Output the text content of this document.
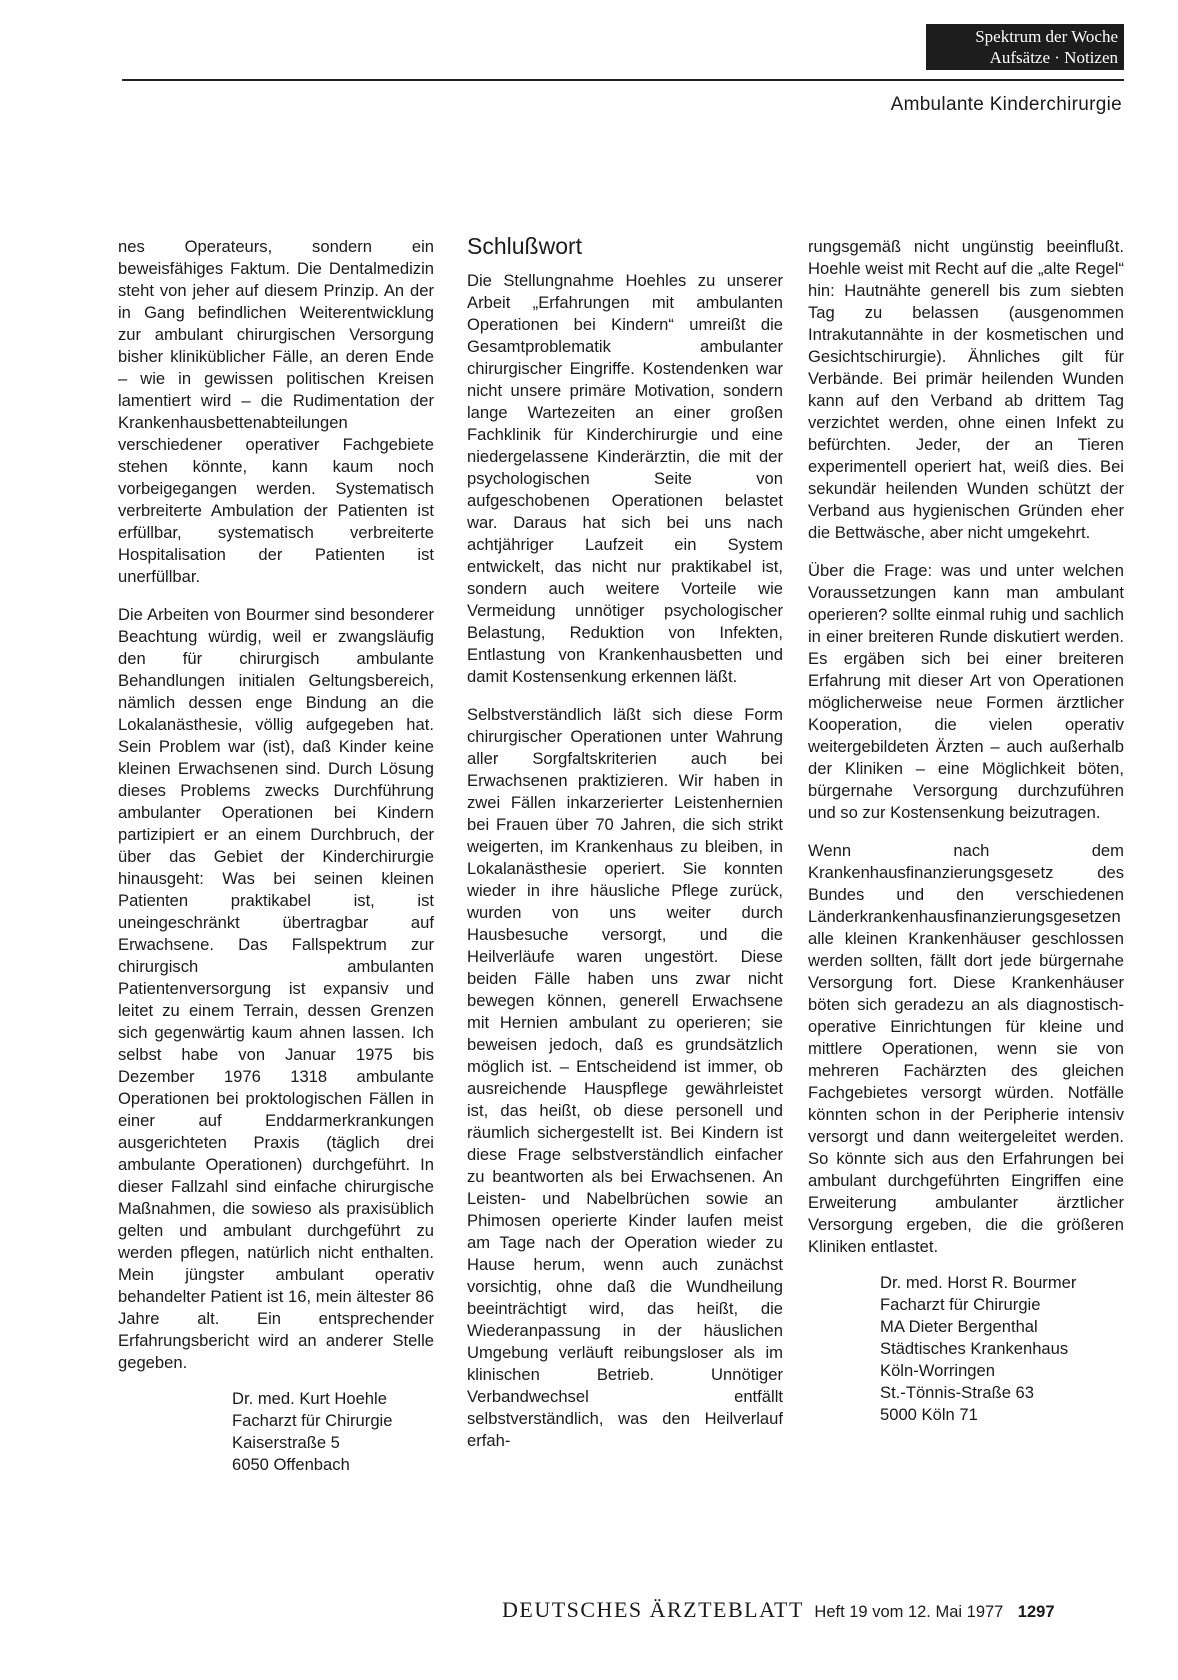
Spektrum der Woche
Aufsätze · Notizen
Ambulante Kinderchirurgie

nes Operateurs, sondern ein beweisfähiges Faktum. Die Dentalmedizin steht von jeher auf diesem Prinzip. An der in Gang befindlichen Weiterentwicklung zur ambulant chirurgischen Versorgung bisher kliniküblicher Fälle, an deren Ende – wie in gewissen politischen Kreisen lamentiert wird – die Rudimentation der Krankenhausbettenabteilungen verschiedener operativer Fachgebiete stehen könnte, kann kaum noch vorbeigegangen werden. Systematisch verbreiterte Ambulation der Patienten ist erfüllbar, systematisch verbreiterte Hospitalisation der Patienten ist unerfüllbar.

Die Arbeiten von Bourmer sind besonderer Beachtung würdig, weil er zwangsläufig den für chirurgisch ambulante Behandlungen initialen Geltungsbereich, nämlich dessen enge Bindung an die Lokalanästhesie, völlig aufgegeben hat. Sein Problem war (ist), daß Kinder keine kleinen Erwachsenen sind. Durch Lösung dieses Problems zwecks Durchführung ambulanter Operationen bei Kindern partizipiert er an einem Durchbruch, der über das Gebiet der Kinderchirurgie hinausgeht: Was bei seinen kleinen Patienten praktikabel ist, ist uneingeschränkt übertragbar auf Erwachsene. Das Fallspektrum zur chirurgisch ambulanten Patientenversorgung ist expansiv und leitet zu einem Terrain, dessen Grenzen sich gegenwärtig kaum ahnen lassen. Ich selbst habe von Januar 1975 bis Dezember 1976 1318 ambulante Operationen bei proktologischen Fällen in einer auf Enddarmerkrankungen ausgerichteten Praxis (täglich drei ambulante Operationen) durchgeführt. In dieser Fallzahl sind einfache chirurgische Maßnahmen, die sowieso als praxisüblich gelten und ambulant durchgeführt zu werden pflegen, natürlich nicht enthalten. Mein jüngster ambulant operativ behandelter Patient ist 16, mein ältester 86 Jahre alt. Ein entsprechender Erfahrungsbericht wird an anderer Stelle gegeben.

Dr. med. Kurt Hoehle
Facharzt für Chirurgie
Kaiserstraße 5
6050 Offenbach
Schlußwort

Die Stellungnahme Hoehles zu unserer Arbeit „Erfahrungen mit ambulanten Operationen bei Kindern“ umreißt die Gesamtproblematik ambulanter chirurgischer Eingriffe. Kostendenken war nicht unsere primäre Motivation, sondern lange Wartezeiten an einer großen Fachklinik für Kinderchirurgie und eine niedergelassene Kinderärztin, die mit der psychologischen Seite von aufgeschobenen Operationen belastet war. Daraus hat sich bei uns nach achtjähriger Laufzeit ein System entwickelt, das nicht nur praktikabel ist, sondern auch weitere Vorteile wie Vermeidung unnötiger psychologischer Belastung, Reduktion von Infekten, Entlastung von Krankenhausbetten und damit Kostensenkung erkennen läßt.

Selbstverständlich läßt sich diese Form chirurgischer Operationen unter Wahrung aller Sorgfaltskriterien auch bei Erwachsenen praktizieren. Wir haben in zwei Fällen inkarzerierter Leistenhernien bei Frauen über 70 Jahren, die sich strikt weigerten, im Krankenhaus zu bleiben, in Lokalanästhesie operiert. Sie konnten wieder in ihre häusliche Pflege zurück, wurden von uns weiter durch Hausbesuche versorgt, und die Heilverläufe waren ungestört. Diese beiden Fälle haben uns zwar nicht bewegen können, generell Erwachsene mit Hernien ambulant zu operieren; sie beweisen jedoch, daß es grundsätzlich möglich ist. – Entscheidend ist immer, ob ausreichende Hauspflege gewährleistet ist, das heißt, ob diese personell und räumlich sichergestellt ist. Bei Kindern ist diese Frage selbstverständlich einfacher zu beantworten als bei Erwachsenen. An Leisten- und Nabelbrüchen sowie an Phimosen operierte Kinder laufen meist am Tage nach der Operation wieder zu Hause herum, wenn auch zunächst vorsichtig, ohne daß die Wundheilung beeinträchtigt wird, das heißt, die Wiederanpassung in der häuslichen Umgebung verläuft reibungsloser als im klinischen Betrieb. Unnötiger Verbandwechsel entfällt selbstverständlich, was den Heilverlauf erfah-

rungsgemäß nicht ungünstig beeinflußt. Hoehle weist mit Recht auf die „alte Regel“ hin: Hautnähte generell bis zum siebten Tag zu belassen (ausgenommen Intrakutannähte in der kosmetischen und Gesichtschirurgie). Ähnliches gilt für Verbände. Bei primär heilenden Wunden kann auf den Verband ab drittem Tag verzichtet werden, ohne einen Infekt zu befürchten. Jeder, der an Tieren experimentell operiert hat, weiß dies. Bei sekundär heilenden Wunden schützt der Verband aus hygienischen Gründen eher die Bettwäsche, aber nicht umgekehrt.

Über die Frage: was und unter welchen Voraussetzungen kann man ambulant operieren? sollte einmal ruhig und sachlich in einer breiteren Runde diskutiert werden. Es ergäben sich bei einer breiteren Erfahrung mit dieser Art von Operationen möglicherweise neue Formen ärztlicher Kooperation, die vielen operativ weitergebildeten Ärzten – auch außerhalb der Kliniken – eine Möglichkeit böten, bürgernahe Versorgung durchzuführen und so zur Kostensenkung beizutragen.

Wenn nach dem Krankenhausfinanzierungsgesetz des Bundes und den verschiedenen Länderkrankenhausfinanzierungsgesetzen alle kleinen Krankenhäuser geschlossen werden sollten, fällt dort jede bürgernahe Versorgung fort. Diese Krankenhäuser böten sich geradezu an als diagnostisch-operative Einrichtungen für kleine und mittlere Operationen, wenn sie von mehreren Fachärzten des gleichen Fachgebietes versorgt würden. Notfälle könnten schon in der Peripherie intensiv versorgt und dann weitergeleitet werden. So könnte sich aus den Erfahrungen bei ambulant durchgeführten Eingriffen eine Erweiterung ambulanter ärztlicher Versorgung ergeben, die die größeren Kliniken entlastet.

Dr. med. Horst R. Bourmer
Facharzt für Chirurgie
MA Dieter Bergenthal
Städtisches Krankenhaus
Köln-Worringen
St.-Tönnis-Straße 63
5000 Köln 71
DEUTSCHES ÄRZTEBLATT Heft 19 vom 12. Mai 1977 1297
